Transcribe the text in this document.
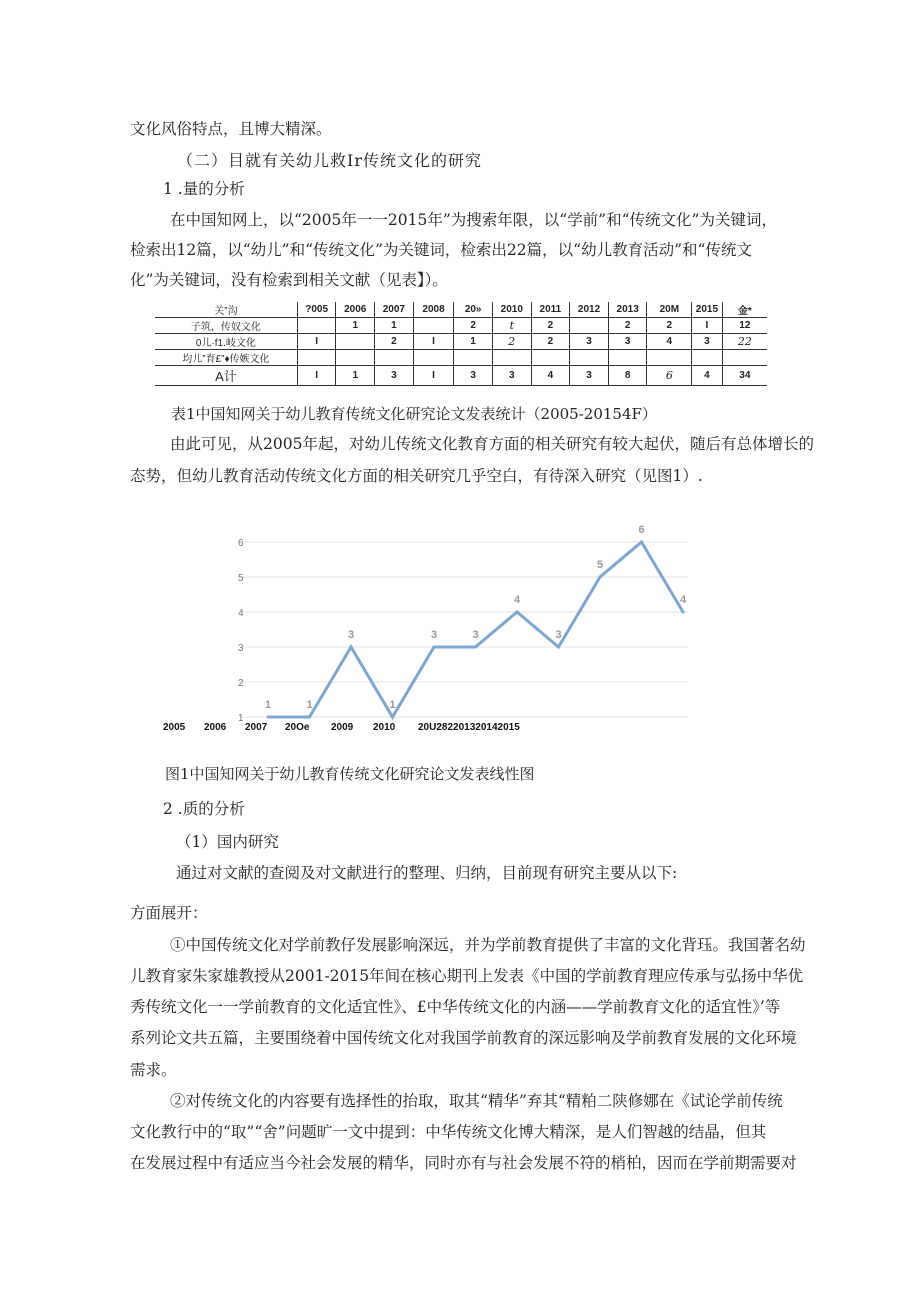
文化风俗特点，且博大精深。
（二）目就有关幼儿救Ir传统文化的研究
1 .量的分析
在中国知网上，以“2005年一一2015年”为搜索年限，以“学前”和“传统文化”为关键词，
检索出12篇，以“幼儿”和“传统文化”为关键词，检索出22篇，以“幼儿教育活动”和“传统文
化”为关键词，没有检索到相关文献（见表】）。
关”沟	?005	2006	2007	2008	20»	2010	2011	2012	2013	20M	2015	金*
子筑，传奴文化		1	1		2	t	2		2	2	I	12
0儿·f1.岐文化	I		2	I	1	2	2	3	3	4	3	22
均儿”育£”♦传嫉文化												
A计	I	1	3	I	3	3	4	3	8	6	4	34
表1中国知网关于幼儿教育传统文化研究论文发表统计（2005-20154F）
由此可见，从2005年起，对幼儿传统文化教育方面的相关研究有较大起伏，随后有总体增长的
态势，但幼儿教育活动传统文化方面的相关研究几乎空白，有待深入研究（见图1）.
1
2
3
4
5
6
1	1
3
1
3	3
4
3
5
6
4
2005 2006 2007 20Oe 2009 2010 20U282201320142015
图1中国知网关于幼儿教育传统文化研究论文发表线性图
2 .质的分析
（1）国内研究
通过对文献的查阅及对文献进行的整理、归纳，目前现有研究主要从以下:
方面展开：
①中国传统文化对学前教仔发展影响深远，并为学前教育提供了丰富的文化背珏。我国著名幼
儿教育家朱家雄教授从2001-2015年间在核心期刊上发表《中国的学前教育理应传承与弘扬中华优
秀传统文化一一学前教育的文化适宜性》、£中华传统文化的内涵——学前教育文化的适宜性》’等
系列论文共五篇，主要围绕着中国传统文化对我国学前教育的深远影响及学前教育发展的文化环境
需求。
②对传统文化的内容要有选择性的抬取，取其“精华”弃其“精粕二陕修娜在《试论学前传统
文化教行中的“取”“舍”问题旷一文中提到：中华传统文化博大精深，是人们智越的结晶，但其
在发展过程中有适应当今社会发展的精华，同时亦有与社会发展不符的梢柏，因而在学前期需要对
